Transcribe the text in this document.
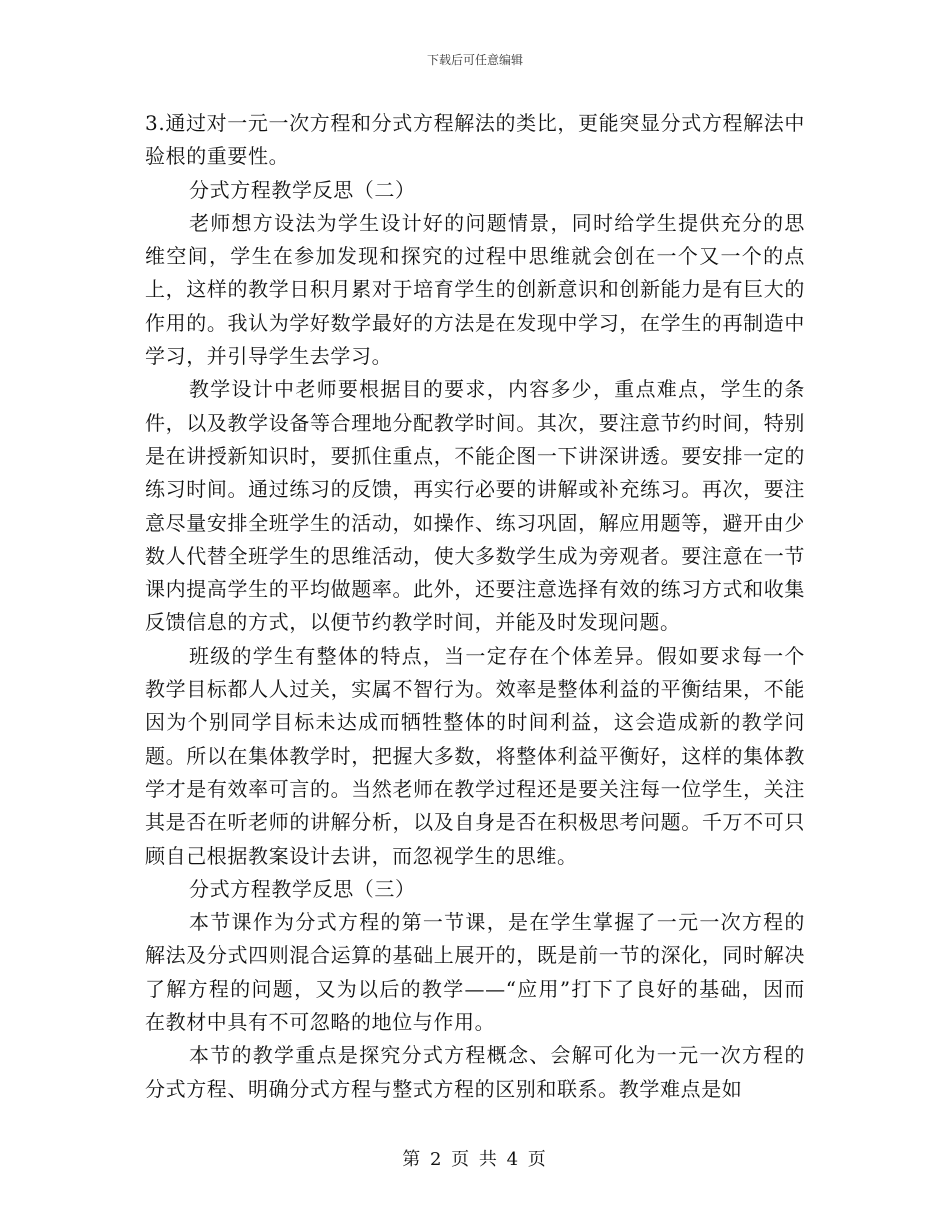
下载后可任意编辑

3.通过对一元一次方程和分式方程解法的类比，更能突显分式方程解法中验根的重要性。

分式方程教学反思（二）

老师想方设法为学生设计好的问题情景，同时给学生提供充分的思维空间，学生在参加发现和探究的过程中思维就会创在一个又一个的点上，这样的教学日积月累对于培育学生的创新意识和创新能力是有巨大的作用的。我认为学好数学最好的方法是在发现中学习，在学生的再制造中学习，并引导学生去学习。

教学设计中老师要根据目的要求，内容多少，重点难点，学生的条件，以及教学设备等合理地分配教学时间。其次，要注意节约时间，特别是在讲授新知识时，要抓住重点，不能企图一下讲深讲透。要安排一定的练习时间。通过练习的反馈，再实行必要的讲解或补充练习。再次，要注意尽量安排全班学生的活动，如操作、练习巩固，解应用题等，避开由少数人代替全班学生的思维活动，使大多数学生成为旁观者。要注意在一节课内提高学生的平均做题率。此外，还要注意选择有效的练习方式和收集反馈信息的方式，以便节约教学时间，并能及时发现问题。

班级的学生有整体的特点，当一定存在个体差异。假如要求每一个教学目标都人人过关，实属不智行为。效率是整体利益的平衡结果，不能因为个别同学目标未达成而牺牲整体的时间利益，这会造成新的教学问题。所以在集体教学时，把握大多数，将整体利益平衡好，这样的集体教学才是有效率可言的。当然老师在教学过程还是要关注每一位学生，关注其是否在听老师的讲解分析，以及自身是否在积极思考问题。千万不可只顾自己根据教案设计去讲，而忽视学生的思维。

分式方程教学反思（三）

本节课作为分式方程的第一节课，是在学生掌握了一元一次方程的解法及分式四则混合运算的基础上展开的，既是前一节的深化，同时解决了解方程的问题，又为以后的教学——“应用”打下了良好的基础，因而在教材中具有不可忽略的地位与作用。

本节的教学重点是探究分式方程概念、会解可化为一元一次方程的分式方程、明确分式方程与整式方程的区别和联系。教学难点是如

第 2 页 共 4 页
